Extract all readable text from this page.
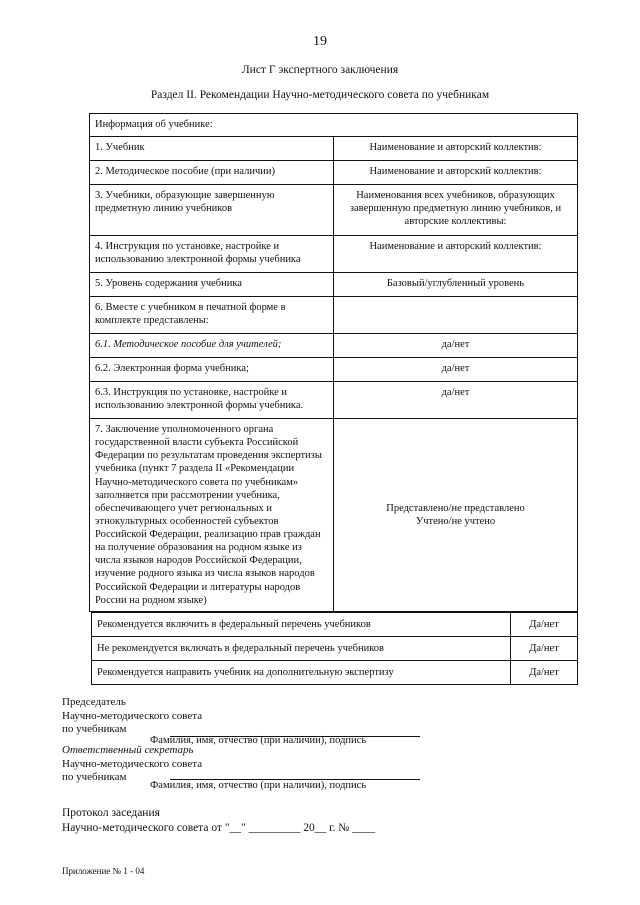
19
Лист Г экспертного заключения
Раздел II. Рекомендации Научно-методического совета по учебникам
Информация об учебнике:	
1. Учебник	Наименование и авторский коллектив:
2. Методическое пособие (при наличии)	Наименование и авторский коллектив:
3. Учебники, образующие завершенную предметную линию учебников	Наименования всех учебников, образующих завершенную предметную линию учебников, и авторские коллективы:
4. Инструкция по установке, настройке и использованию электронной формы учебника	Наименование и авторский коллектив:
5. Уровень содержания учебника	Базовый/углубленный уровень
6. Вместе с учебником в печатной форме в комплекте представлены:	
6.1. Методическое пособие для учителей;	да/нет
6.2. Электронная форма учебника;	да/нет
6.3. Инструкция по установке, настройке и использованию электронной формы учебника.	да/нет
7. Заключение уполномоченного органа государственной власти субъекта Российской Федерации по результатам проведения экспертизы учебника (пункт 7 раздела II «Рекомендации Научно-методического совета по учебникам» заполняется при рассмотрении учебника, обеспечивающего учет региональных и этнокультурных особенностей субъектов Российской Федерации, реализацию прав граждан на получение образования на родном языке из числа языков народов Российской Федерации, изучение родного языка из числа языков народов Российской Федерации и литературы народов России на родном языке)	Представлено/не представлено
Учтено/не учтено
Рекомендуется включить в федеральный перечень учебников	Да/нет
Не рекомендуется включать в федеральный перечень учебников	Да/нет
Рекомендуется направить учебник на дополнительную экспертизу	Да/нет
Председатель
Научно-методического совета
по учебникам
Фамилия, имя, отчество (при наличии), подпись
Ответственный секретарь
Научно-методического совета
по учебникам
Фамилия, имя, отчество (при наличии), подпись
Протокол заседания
Научно-методического совета от "__" _________ 20__ г. № ____
Приложение № 1 - 04
